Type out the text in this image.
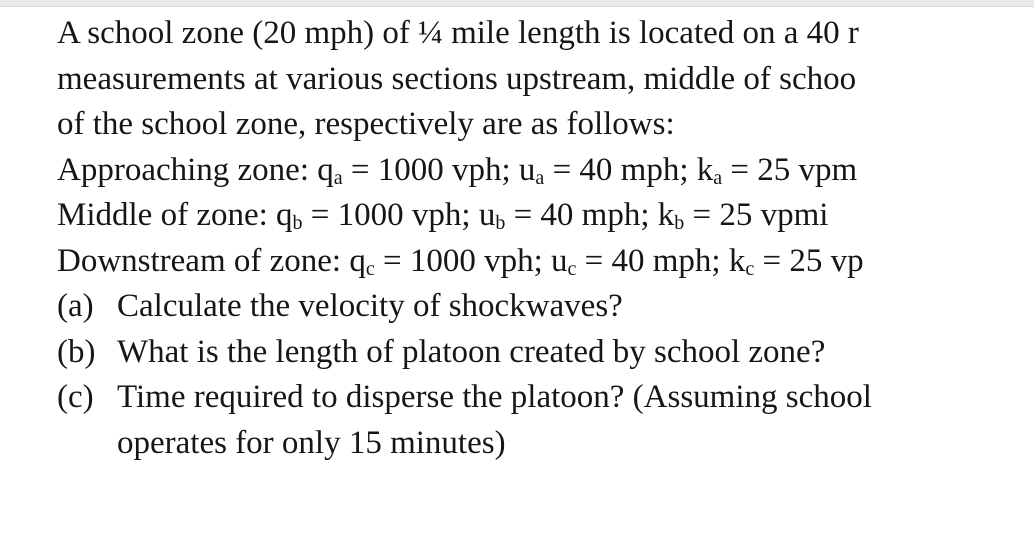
A school zone (20 mph) of ¼ mile length is located on a 40 r
measurements at various sections upstream, middle of schoo
of the school zone, respectively are as follows:
Approaching zone: $q_a = 1000$ vph; $u_a = 40$ mph; $k_a = 25$ vpm
Middle of zone: $q_b = 1000$ vph; $u_b = 40$ mph; $k_b = 25$ vpmi
Downstream of zone: $q_c = 1000$ vph; $u_c = 40$ mph; $k_c = 25$ vp
(a) Calculate the velocity of shockwaves?
(b) What is the length of platoon created by school zone?
(c) Time required to disperse the platoon? (Assuming school
operates for only 15 minutes)
